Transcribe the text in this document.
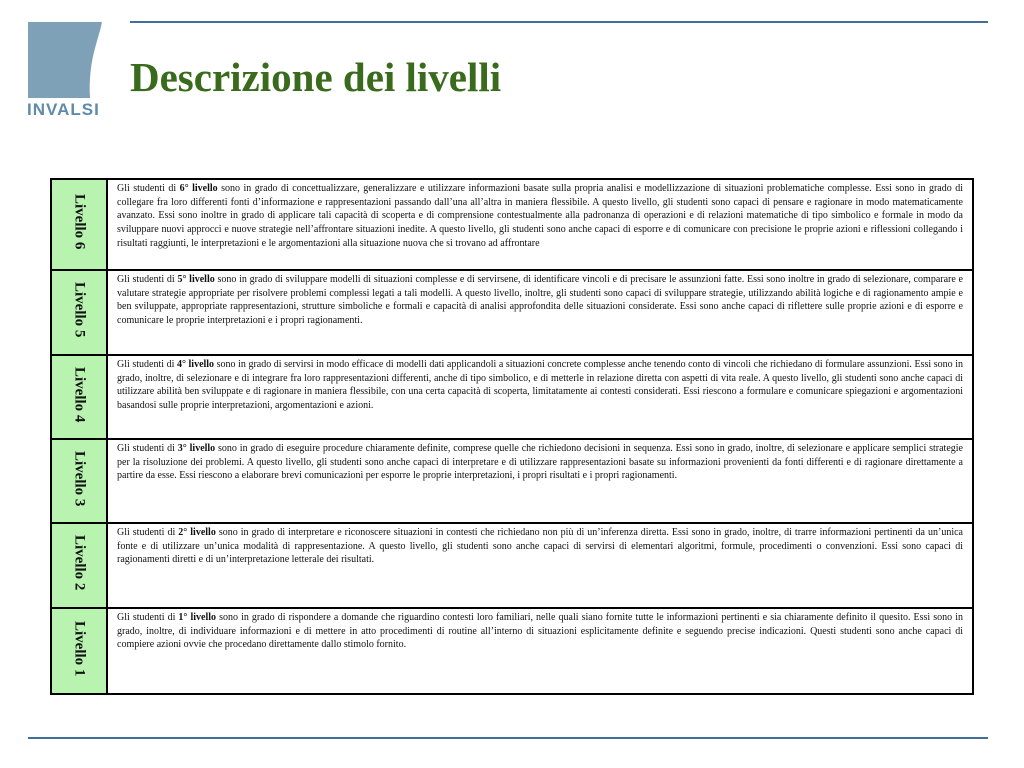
INVALSI
Descrizione dei livelli
Livello 6	Gli studenti di 6° livello sono in grado di concettualizzare, generalizzare e utilizzare informazioni basate sulla propria analisi e modellizzazione di situazioni problematiche complesse. Essi sono in grado di collegare fra loro differenti fonti d’informazione e rappresentazioni passando dall’una all’altra in maniera flessibile. A questo livello, gli studenti sono capaci di pensare e ragionare in modo matematicamente avanzato. Essi sono inoltre in grado di applicare tali capacità di scoperta e di comprensione contestualmente alla padronanza di operazioni e di relazioni matematiche di tipo simbolico e formale in modo da sviluppare nuovi approcci e nuove strategie nell’affrontare situazioni inedite. A questo livello, gli studenti sono anche capaci di esporre e di comunicare con precisione le proprie azioni e riflessioni collegando i risultati raggiunti, le interpretazioni e le argomentazioni alla situazione nuova che si trovano ad affrontare
Livello 5	Gli studenti di 5° livello sono in grado di sviluppare modelli di situazioni complesse e di servirsene, di identificare vincoli e di precisare le assunzioni fatte. Essi sono inoltre in grado di selezionare, comparare e valutare strategie appropriate per risolvere problemi complessi legati a tali modelli. A questo livello, inoltre, gli studenti sono capaci di sviluppare strategie, utilizzando abilità logiche e di ragionamento ampie e ben sviluppate, appropriate rappresentazioni, strutture simboliche e formali e capacità di analisi approfondita delle situazioni considerate. Essi sono anche capaci di riflettere sulle proprie azioni e di esporre e comunicare le proprie interpretazioni e i propri ragionamenti.
Livello 4	Gli studenti di 4° livello sono in grado di servirsi in modo efficace di modelli dati applicandoli a situazioni concrete complesse anche tenendo conto di vincoli che richiedano di formulare assunzioni. Essi sono in grado, inoltre, di selezionare e di integrare fra loro rappresentazioni differenti, anche di tipo simbolico, e di metterle in relazione diretta con aspetti di vita reale. A questo livello, gli studenti sono anche capaci di utilizzare abilità ben sviluppate e di ragionare in maniera flessibile, con una certa capacità di scoperta, limitatamente ai contesti considerati. Essi riescono a formulare e comunicare spiegazioni e argomentazioni basandosi sulle proprie interpretazioni, argomentazioni e azioni.
Livello 3	Gli studenti di 3° livello sono in grado di eseguire procedure chiaramente definite, comprese quelle che richiedono decisioni in sequenza. Essi sono in grado, inoltre, di selezionare e applicare semplici strategie per la risoluzione dei problemi. A questo livello, gli studenti sono anche capaci di interpretare e di utilizzare rappresentazioni basate su informazioni provenienti da fonti differenti e di ragionare direttamente a partire da esse. Essi riescono a elaborare brevi comunicazioni per esporre le proprie interpretazioni, i propri risultati e i propri ragionamenti.
Livello 2	Gli studenti di 2° livello sono in grado di interpretare e riconoscere situazioni in contesti che richiedano non più di un’inferenza diretta. Essi sono in grado, inoltre, di trarre informazioni pertinenti da un’unica fonte e di utilizzare un’unica modalità di rappresentazione. A questo livello, gli studenti sono anche capaci di servirsi di elementari algoritmi, formule, procedimenti o convenzioni. Essi sono capaci di ragionamenti diretti e di un’interpretazione letterale dei risultati.
Livello 1	Gli studenti di 1° livello sono in grado di rispondere a domande che riguardino contesti loro familiari, nelle quali siano fornite tutte le informazioni pertinenti e sia chiaramente definito il quesito. Essi sono in grado, inoltre, di individuare informazioni e di mettere in atto procedimenti di routine all’interno di situazioni esplicitamente definite e seguendo precise indicazioni. Questi studenti sono anche capaci di compiere azioni ovvie che procedano direttamente dallo stimolo fornito.
